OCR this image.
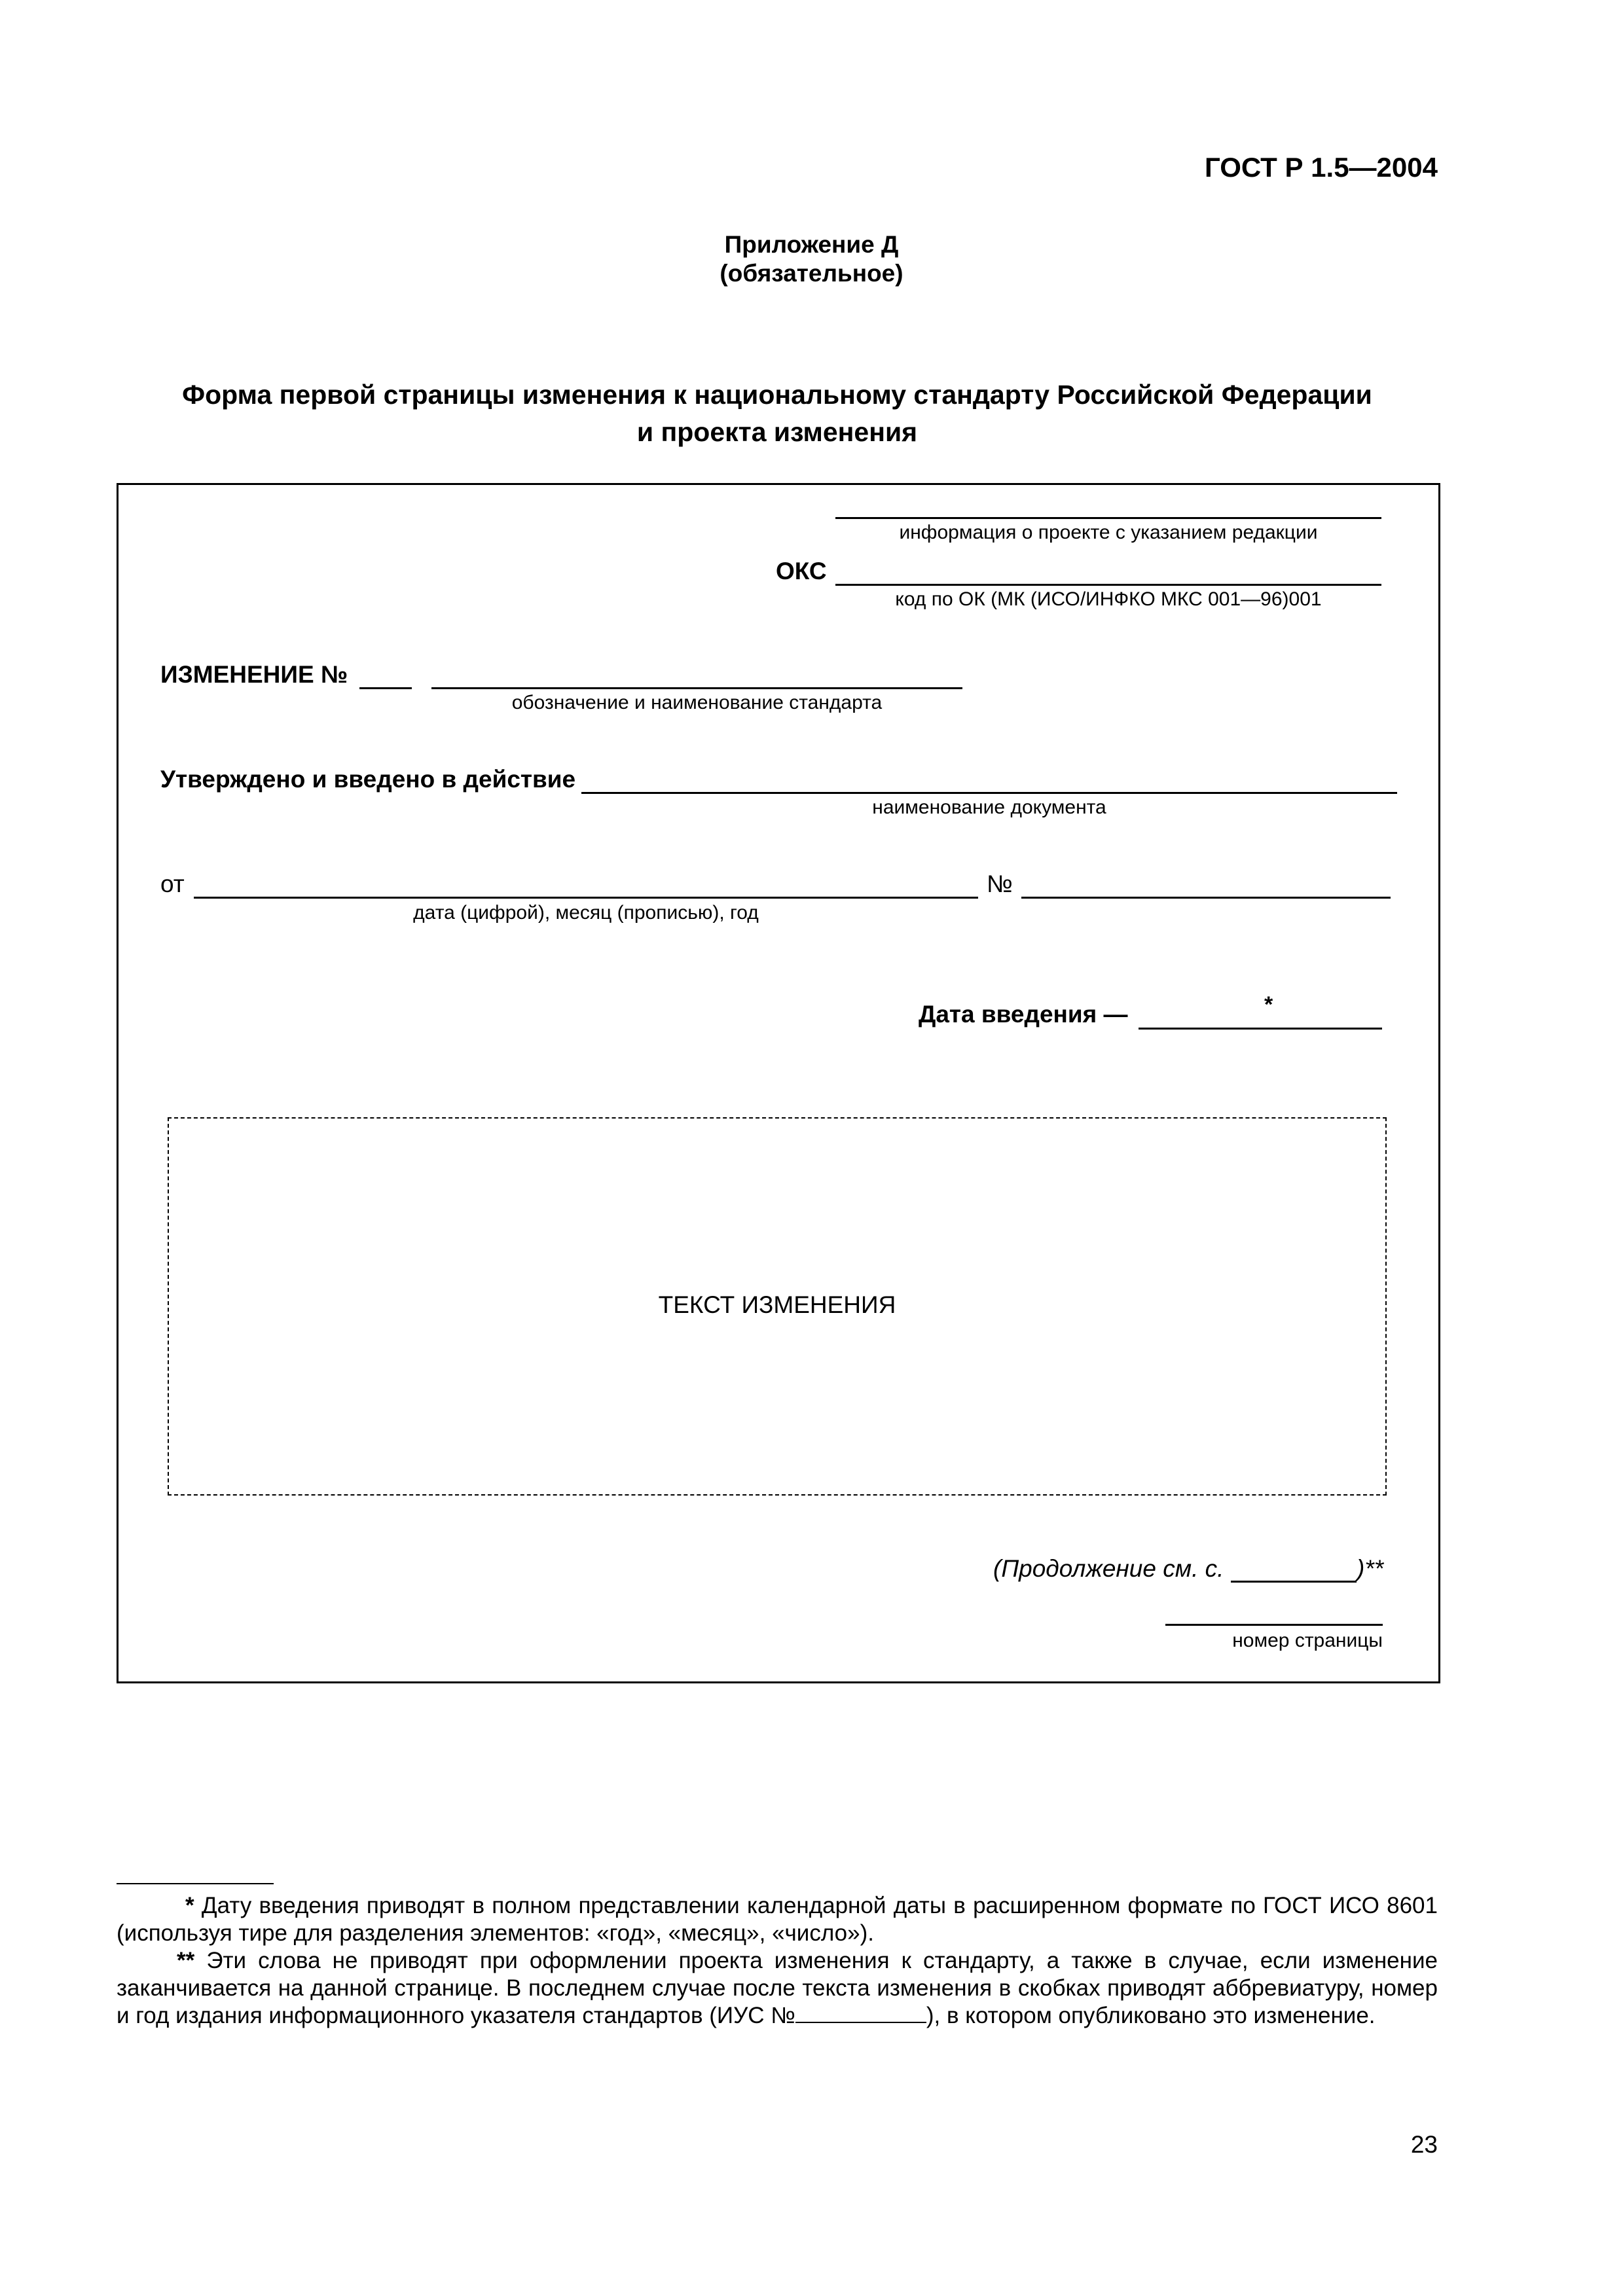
ГОСТ Р 1.5—2004
Приложение Д
(обязательное)
Форма первой страницы изменения к национальному стандарту Российской Федерации
и проекта изменения
информация о проекте с указанием редакции
ОКС
код по ОК (МК (ИСО/ИНФКО МКС 001—96)001
ИЗМЕНЕНИЕ №
обозначение и наименование стандарта
Утверждено и введено в действие
наименование документа
от
дата (цифрой), месяц (прописью), год
№
Дата введения —	*
ТЕКСТ ИЗМЕНЕНИЯ
(Продолжение см. с.	)**
номер страницы

* Дату введения приводят в полном представлении календарной даты в расширенном формате по ГОСТ ИСО 8601 (используя тире для разделения элементов: «год», «месяц», «число»).

** Эти слова не приводят при оформлении проекта изменения к стандарту, а также в случае, если изменение заканчивается на данной странице. В последнем случае после текста изменения в скобках приводят аббревиатуру, номер и год издания информационного указателя стандартов (ИУС №	), в котором опубликовано это изменение.

23
